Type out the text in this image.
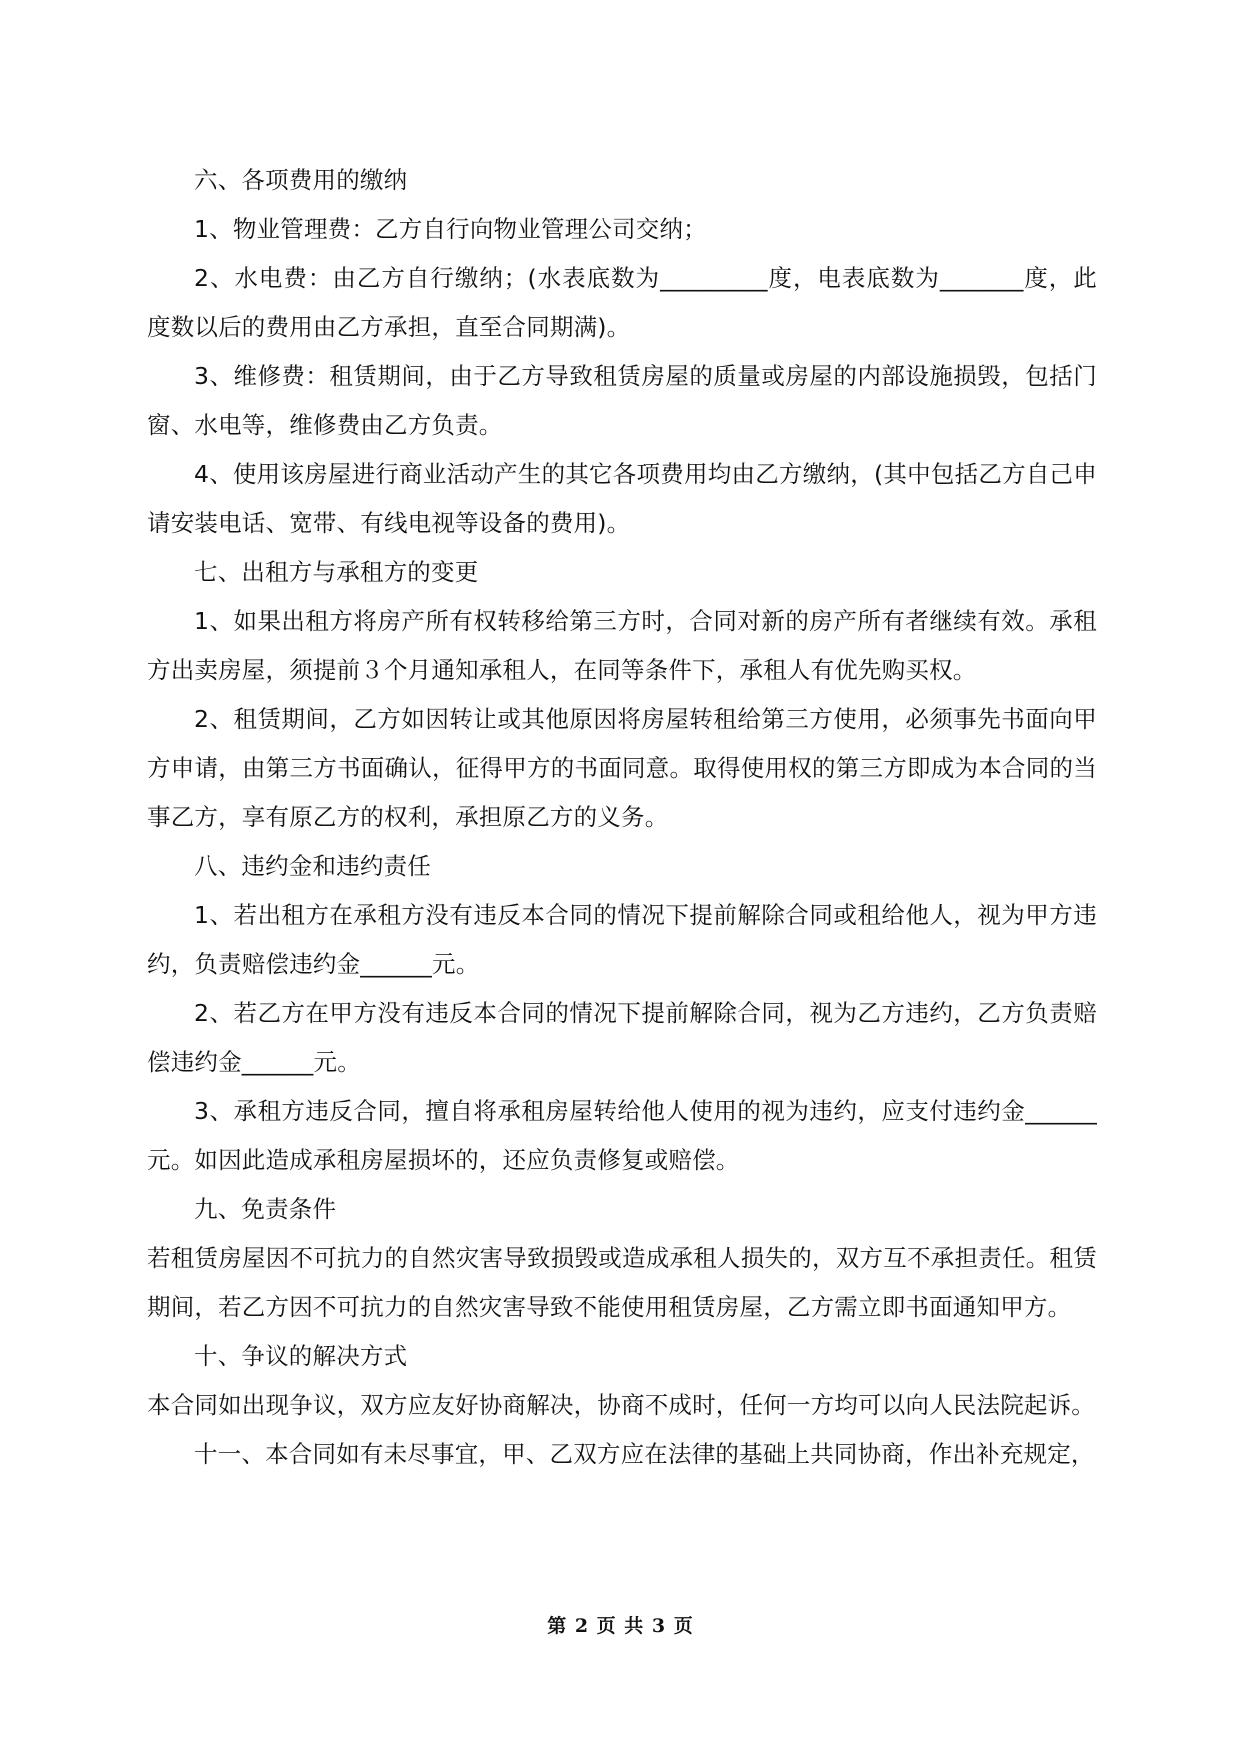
六、各项费用的缴纳

1、物业管理费：乙方自行向物业管理公司交纳；

2、水电费：由乙方自行缴纳；(水表底数为_________度，电表底数为_______度，此度数以后的费用由乙方承担，直至合同期满)。

3、维修费：租赁期间，由于乙方导致租赁房屋的质量或房屋的内部设施损毁，包括门窗、水电等，维修费由乙方负责。

4、使用该房屋进行商业活动产生的其它各项费用均由乙方缴纳，(其中包括乙方自己申请安装电话、宽带、有线电视等设备的费用)。

七、出租方与承租方的变更

1、如果出租方将房产所有权转移给第三方时，合同对新的房产所有者继续有效。承租方出卖房屋，须提前３个月通知承租人，在同等条件下，承租人有优先购买权。

2、租赁期间，乙方如因转让或其他原因将房屋转租给第三方使用，必须事先书面向甲方申请，由第三方书面确认，征得甲方的书面同意。取得使用权的第三方即成为本合同的当事乙方，享有原乙方的权利，承担原乙方的义务。

八、违约金和违约责任

1、若出租方在承租方没有违反本合同的情况下提前解除合同或租给他人，视为甲方违约，负责赔偿违约金______元。

2、若乙方在甲方没有违反本合同的情况下提前解除合同，视为乙方违约，乙方负责赔偿违约金______元。

3、承租方违反合同，擅自将承租房屋转给他人使用的视为违约，应支付违约金______元。如因此造成承租房屋损坏的，还应负责修复或赔偿。

九、免责条件

若租赁房屋因不可抗力的自然灾害导致损毁或造成承租人损失的，双方互不承担责任。租赁期间，若乙方因不可抗力的自然灾害导致不能使用租赁房屋，乙方需立即书面通知甲方。

十、争议的解决方式

本合同如出现争议，双方应友好协商解决，协商不成时，任何一方均可以向人民法院起诉。

十一、本合同如有未尽事宜，甲、乙双方应在法律的基础上共同协商，作出补充规定，

第 2 页 共 3 页
